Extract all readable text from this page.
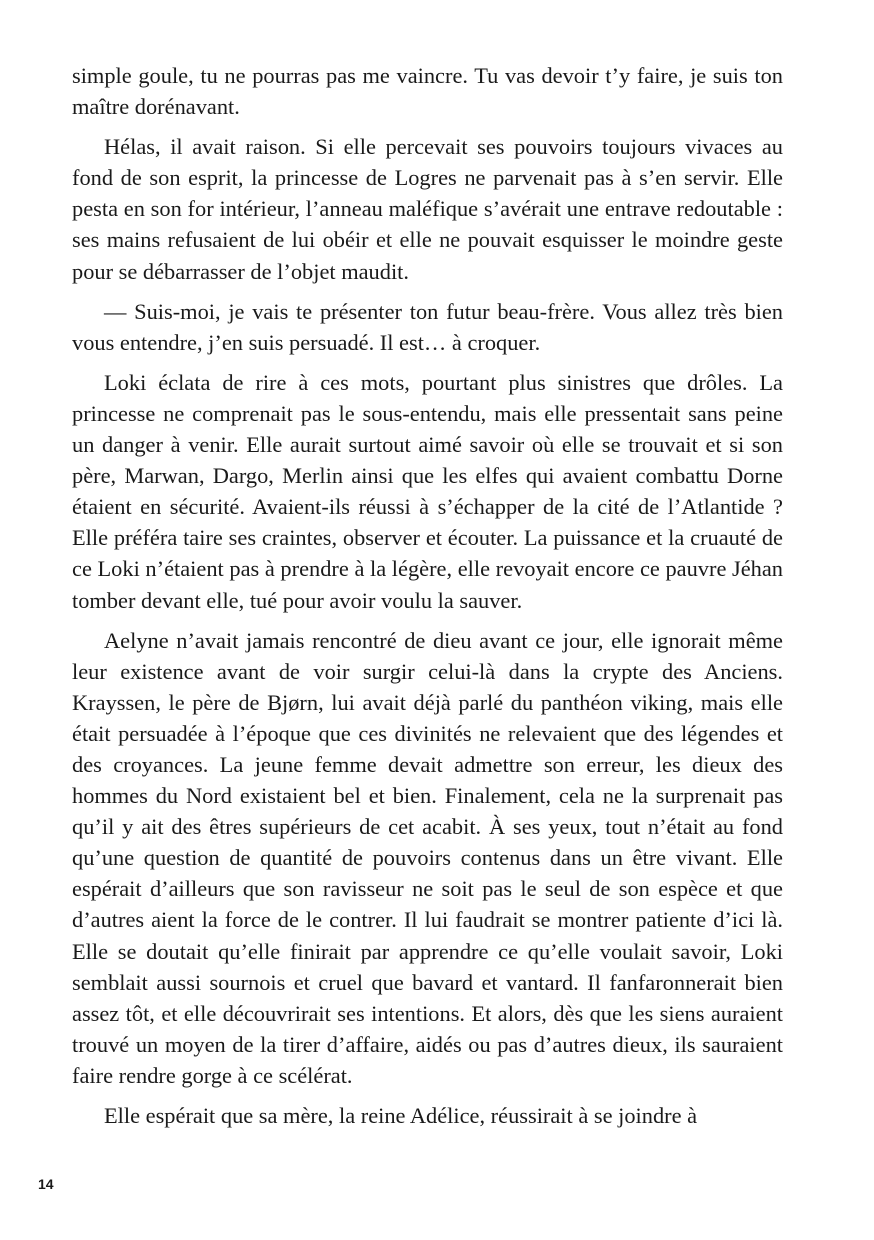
simple goule, tu ne pourras pas me vaincre. Tu vas devoir t’y faire, je suis ton maître dorénavant.

Hélas, il avait raison. Si elle percevait ses pouvoirs toujours vivaces au fond de son esprit, la princesse de Logres ne parvenait pas à s’en servir. Elle pesta en son for intérieur, l’anneau maléfique s’avérait une entrave redoutable : ses mains refusaient de lui obéir et elle ne pouvait esquisser le moindre geste pour se débarrasser de l’objet maudit.

— Suis-moi, je vais te présenter ton futur beau-frère. Vous allez très bien vous entendre, j’en suis persuadé. Il est… à croquer.

Loki éclata de rire à ces mots, pourtant plus sinistres que drôles. La princesse ne comprenait pas le sous-entendu, mais elle pressentait sans peine un danger à venir. Elle aurait surtout aimé savoir où elle se trouvait et si son père, Marwan, Dargo, Merlin ainsi que les elfes qui avaient combattu Dorne étaient en sécurité. Avaient-ils réussi à s’échapper de la cité de l’Atlantide ? Elle préféra taire ses craintes, observer et écouter. La puissance et la cruauté de ce Loki n’étaient pas à prendre à la légère, elle revoyait encore ce pauvre Jéhan tomber devant elle, tué pour avoir voulu la sauver.

Aelyne n’avait jamais rencontré de dieu avant ce jour, elle ignorait même leur existence avant de voir surgir celui-là dans la crypte des Anciens. Krayssen, le père de Bjørn, lui avait déjà parlé du panthéon viking, mais elle était persuadée à l’époque que ces divinités ne relevaient que des légendes et des croyances. La jeune femme devait admettre son erreur, les dieux des hommes du Nord existaient bel et bien. Finalement, cela ne la surprenait pas qu’il y ait des êtres supérieurs de cet acabit. À ses yeux, tout n’était au fond qu’une question de quantité de pouvoirs contenus dans un être vivant. Elle espérait d’ailleurs que son ravisseur ne soit pas le seul de son espèce et que d’autres aient la force de le contrer. Il lui faudrait se montrer patiente d’ici là. Elle se doutait qu’elle finirait par apprendre ce qu’elle voulait savoir, Loki semblait aussi sournois et cruel que bavard et vantard. Il fanfaronnerait bien assez tôt, et elle découvrirait ses intentions. Et alors, dès que les siens auraient trouvé un moyen de la tirer d’affaire, aidés ou pas d’autres dieux, ils sauraient faire rendre gorge à ce scélérat.

Elle espérait que sa mère, la reine Adélice, réussirait à se joindre à

14
